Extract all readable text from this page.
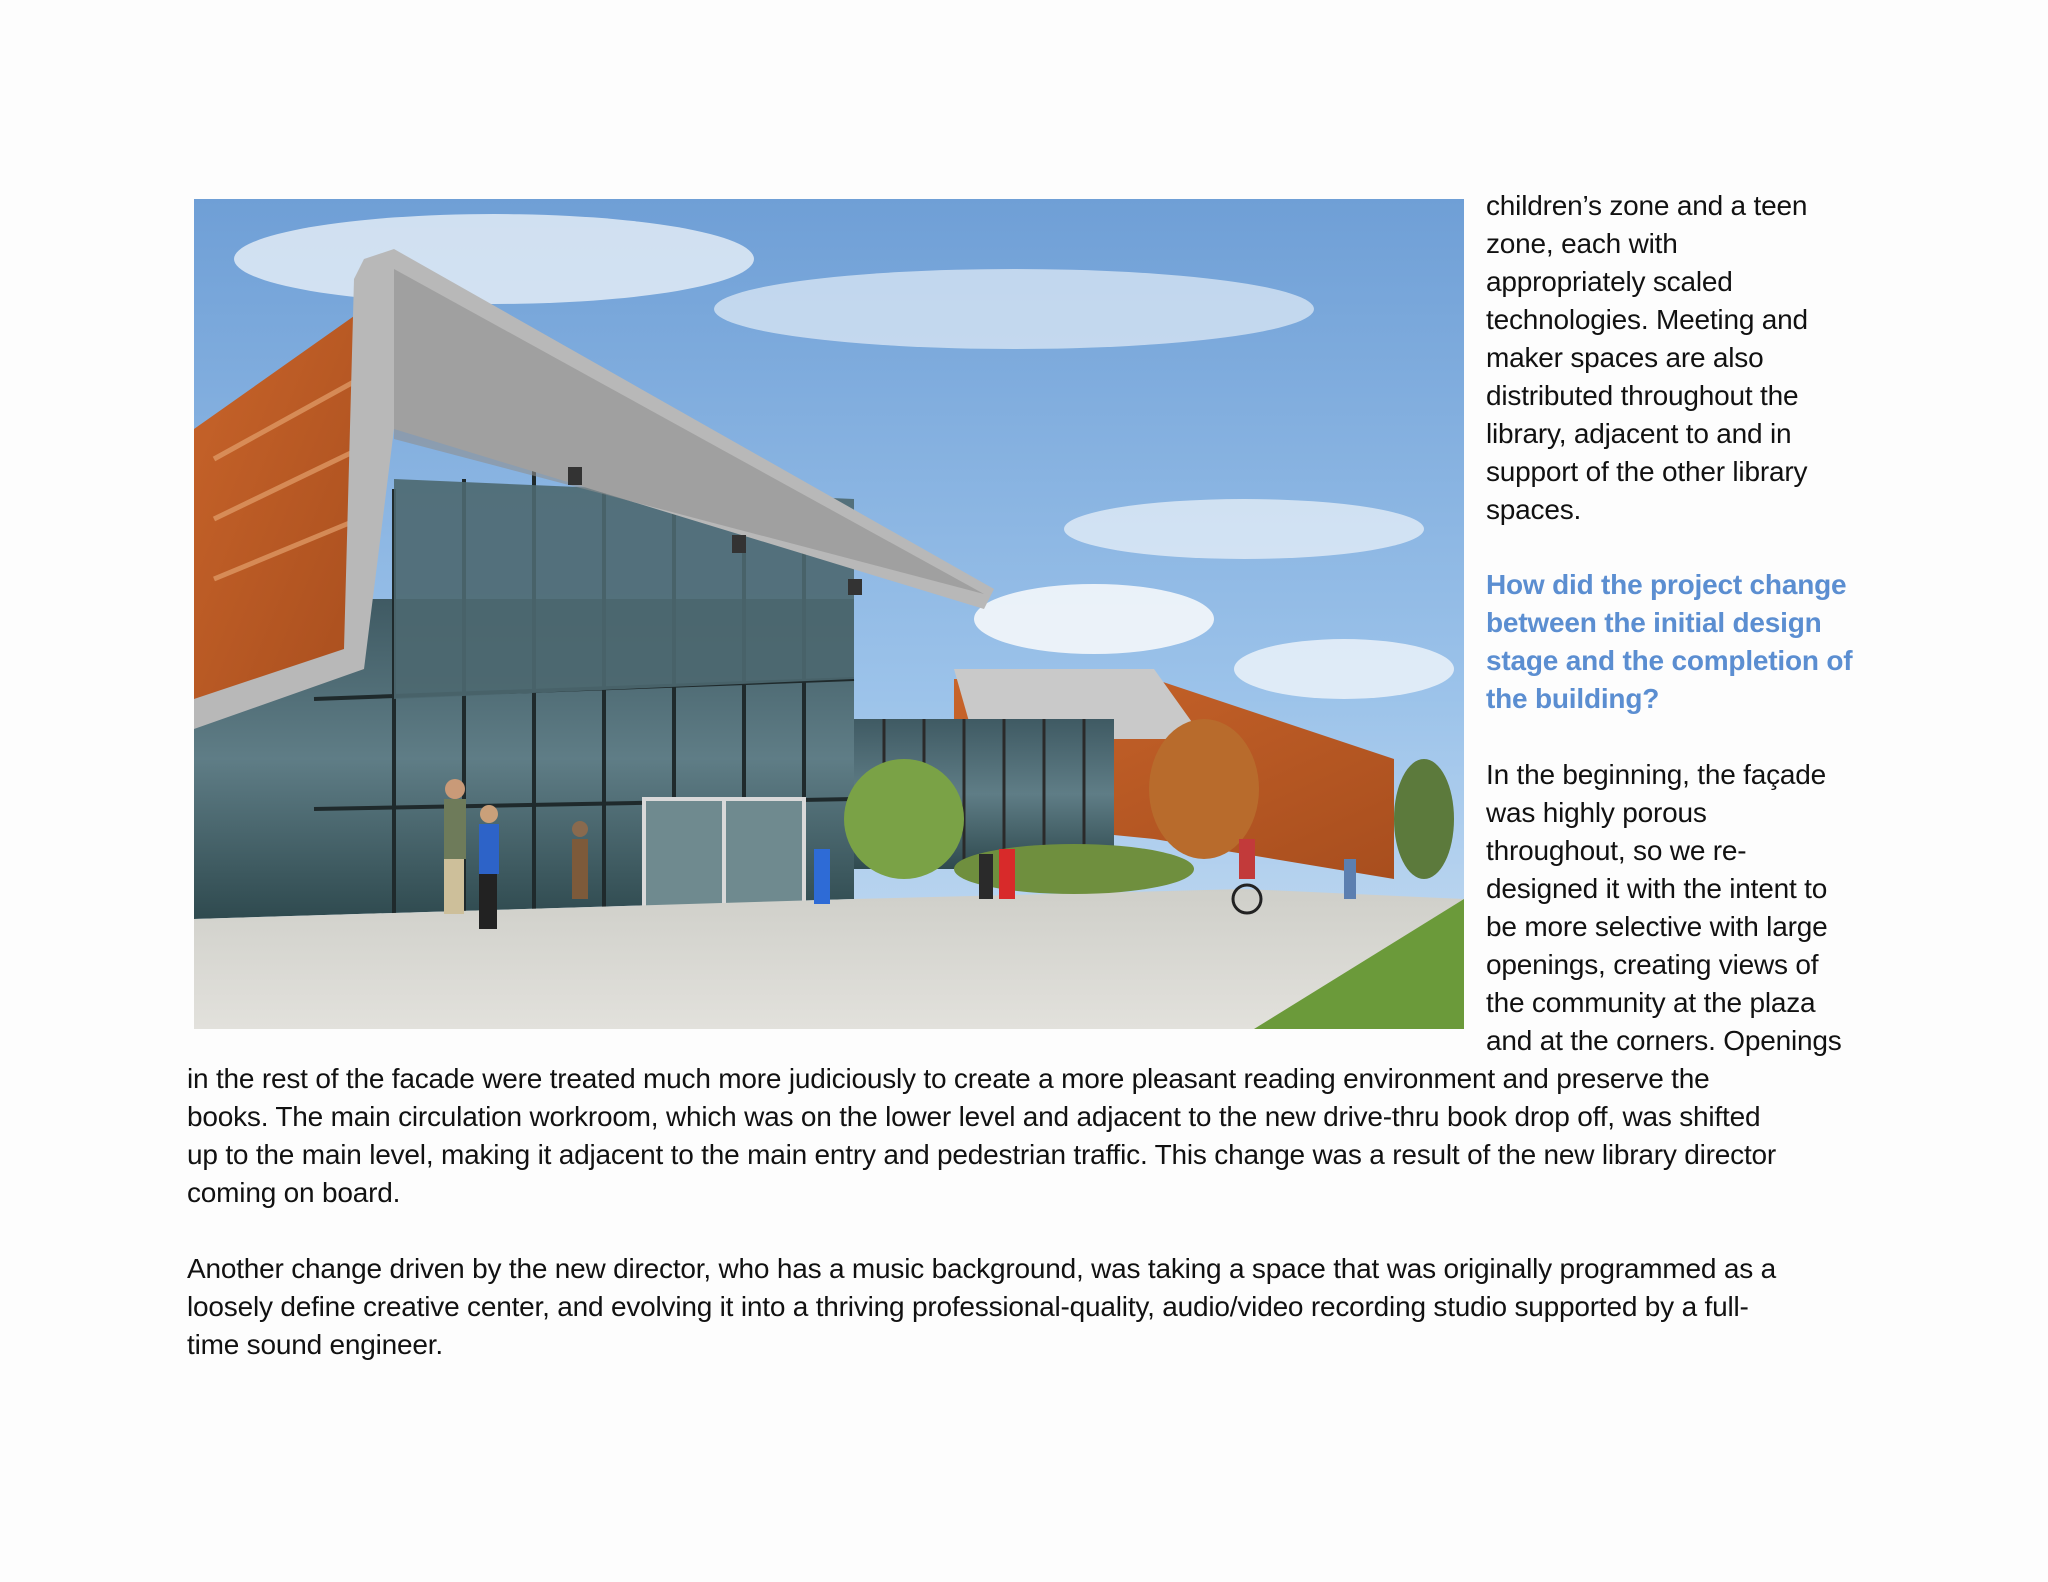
children’s zone and a teen
zone, each with
appropriately scaled
technologies. Meeting and
maker spaces are also
distributed throughout the
library, adjacent to and in
support of the other library
spaces.
How did the project change
between the initial design
stage and the completion of
the building?
In the beginning, the façade
was highly porous
throughout, so we re-
designed it with the intent to
be more selective with large
openings, creating views of
the community at the plaza
and at the corners. Openings

in the rest of the facade were treated much more judiciously to create a more pleasant reading environment and preserve the
books. The main circulation workroom, which was on the lower level and adjacent to the new drive-thru book drop off, was shifted
up to the main level, making it adjacent to the main entry and pedestrian traffic. This change was a result of the new library director
coming on board.

Another change driven by the new director, who has a music background, was taking a space that was originally programmed as a
loosely define creative center, and evolving it into a thriving professional-quality, audio/video recording studio supported by a full-
time sound engineer.
